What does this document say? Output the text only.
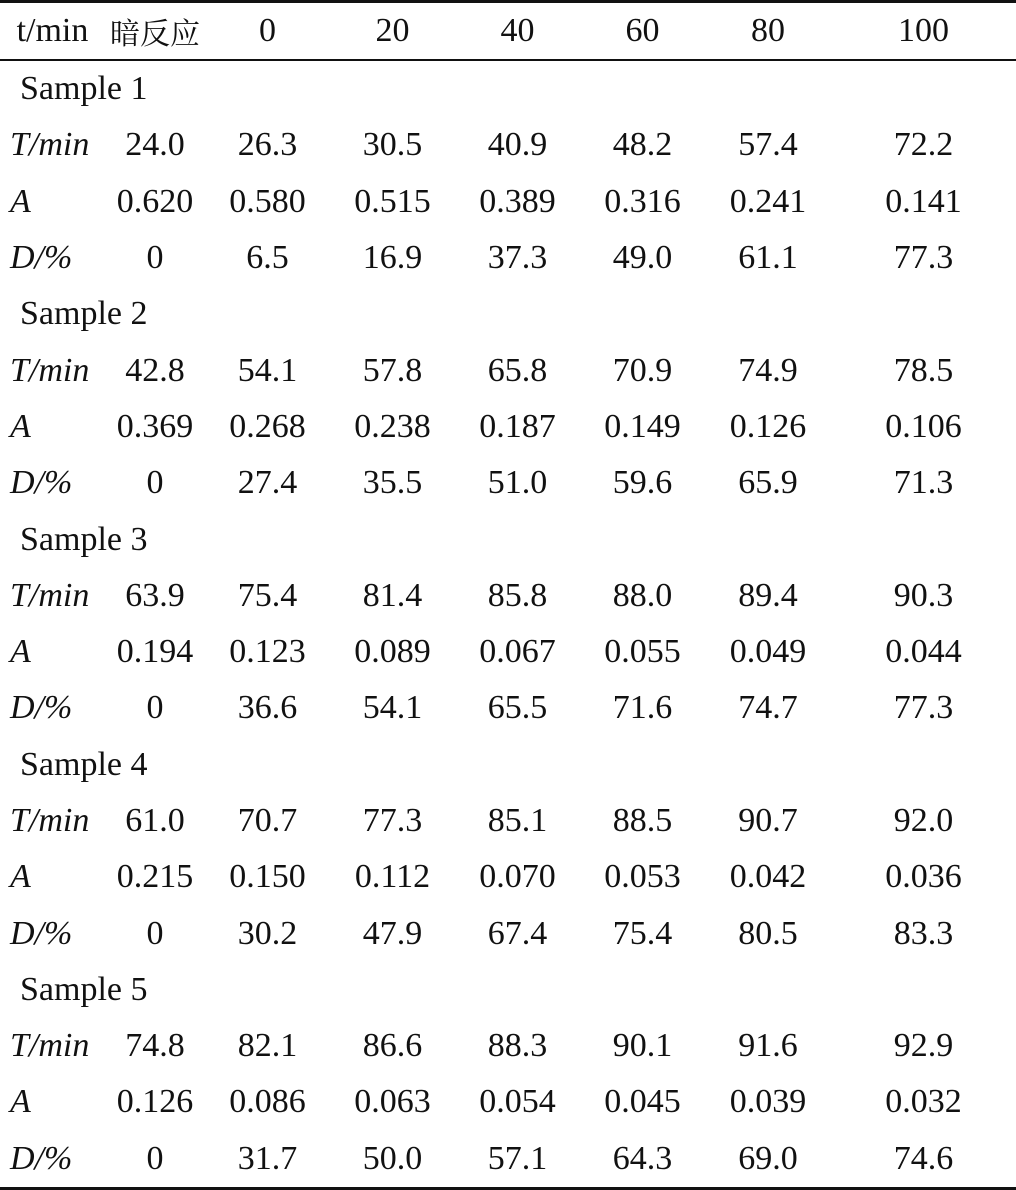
t/min	暗反应	0	20	40	60	80	100
Sample 1							
T/min	24.0	26.3	30.5	40.9	48.2	57.4	72.2
A	0.620	0.580	0.515	0.389	0.316	0.241	0.141
D/%	0	6.5	16.9	37.3	49.0	61.1	77.3
Sample 2							
T/min	42.8	54.1	57.8	65.8	70.9	74.9	78.5
A	0.369	0.268	0.238	0.187	0.149	0.126	0.106
D/%	0	27.4	35.5	51.0	59.6	65.9	71.3
Sample 3							
T/min	63.9	75.4	81.4	85.8	88.0	89.4	90.3
A	0.194	0.123	0.089	0.067	0.055	0.049	0.044
D/%	0	36.6	54.1	65.5	71.6	74.7	77.3
Sample 4							
T/min	61.0	70.7	77.3	85.1	88.5	90.7	92.0
A	0.215	0.150	0.112	0.070	0.053	0.042	0.036
D/%	0	30.2	47.9	67.4	75.4	80.5	83.3
Sample 5							
T/min	74.8	82.1	86.6	88.3	90.1	91.6	92.9
A	0.126	0.086	0.063	0.054	0.045	0.039	0.032
D/%	0	31.7	50.0	57.1	64.3	69.0	74.6
